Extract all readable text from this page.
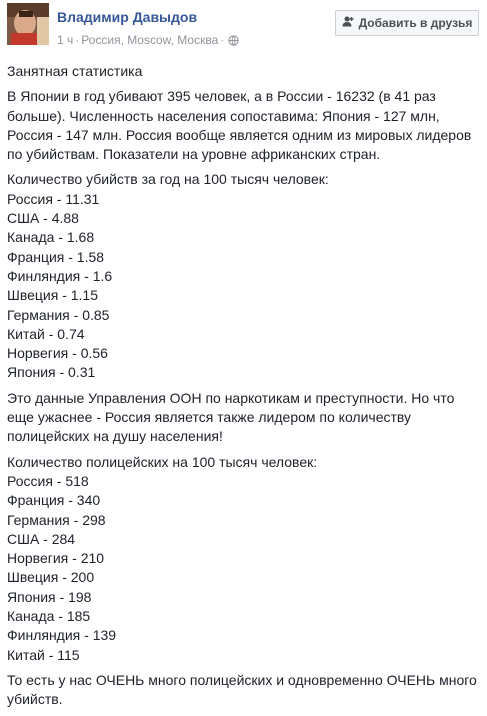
Владимир Давыдов
1 ч · Россия, Moscow, Москва ·
Добавить в друзья

Занятная статистика

В Японии в год убивают 395 человек, а в России - 16232 (в 41 раз больше). Численность населения сопоставима: Япония - 127 млн, Россия - 147 млн. Россия вообще является одним из мировых лидеров по убийствам. Показатели на уровне африканских стран.

Количество убийств за год на 100 тысяч человек:
Россия - 11.31
США - 4.88
Канада - 1.68
Франция - 1.58
Финляндия - 1.6
Швеция - 1.15
Германия - 0.85
Китай - 0.74
Норвегия - 0.56
Япония - 0.31

Это данные Управления ООН по наркотикам и преступности. Но что еще ужаснее - Россия является также лидером по количеству полицейских на душу населения!

Количество полицейских на 100 тысяч человек:
Россия - 518
Франция - 340
Германия - 298
США - 284
Норвегия - 210
Швеция - 200
Япония - 198
Канада - 185
Финляндия - 139
Китай - 115

То есть у нас ОЧЕНЬ много полицейских и одновременно ОЧЕНЬ много убийств.
